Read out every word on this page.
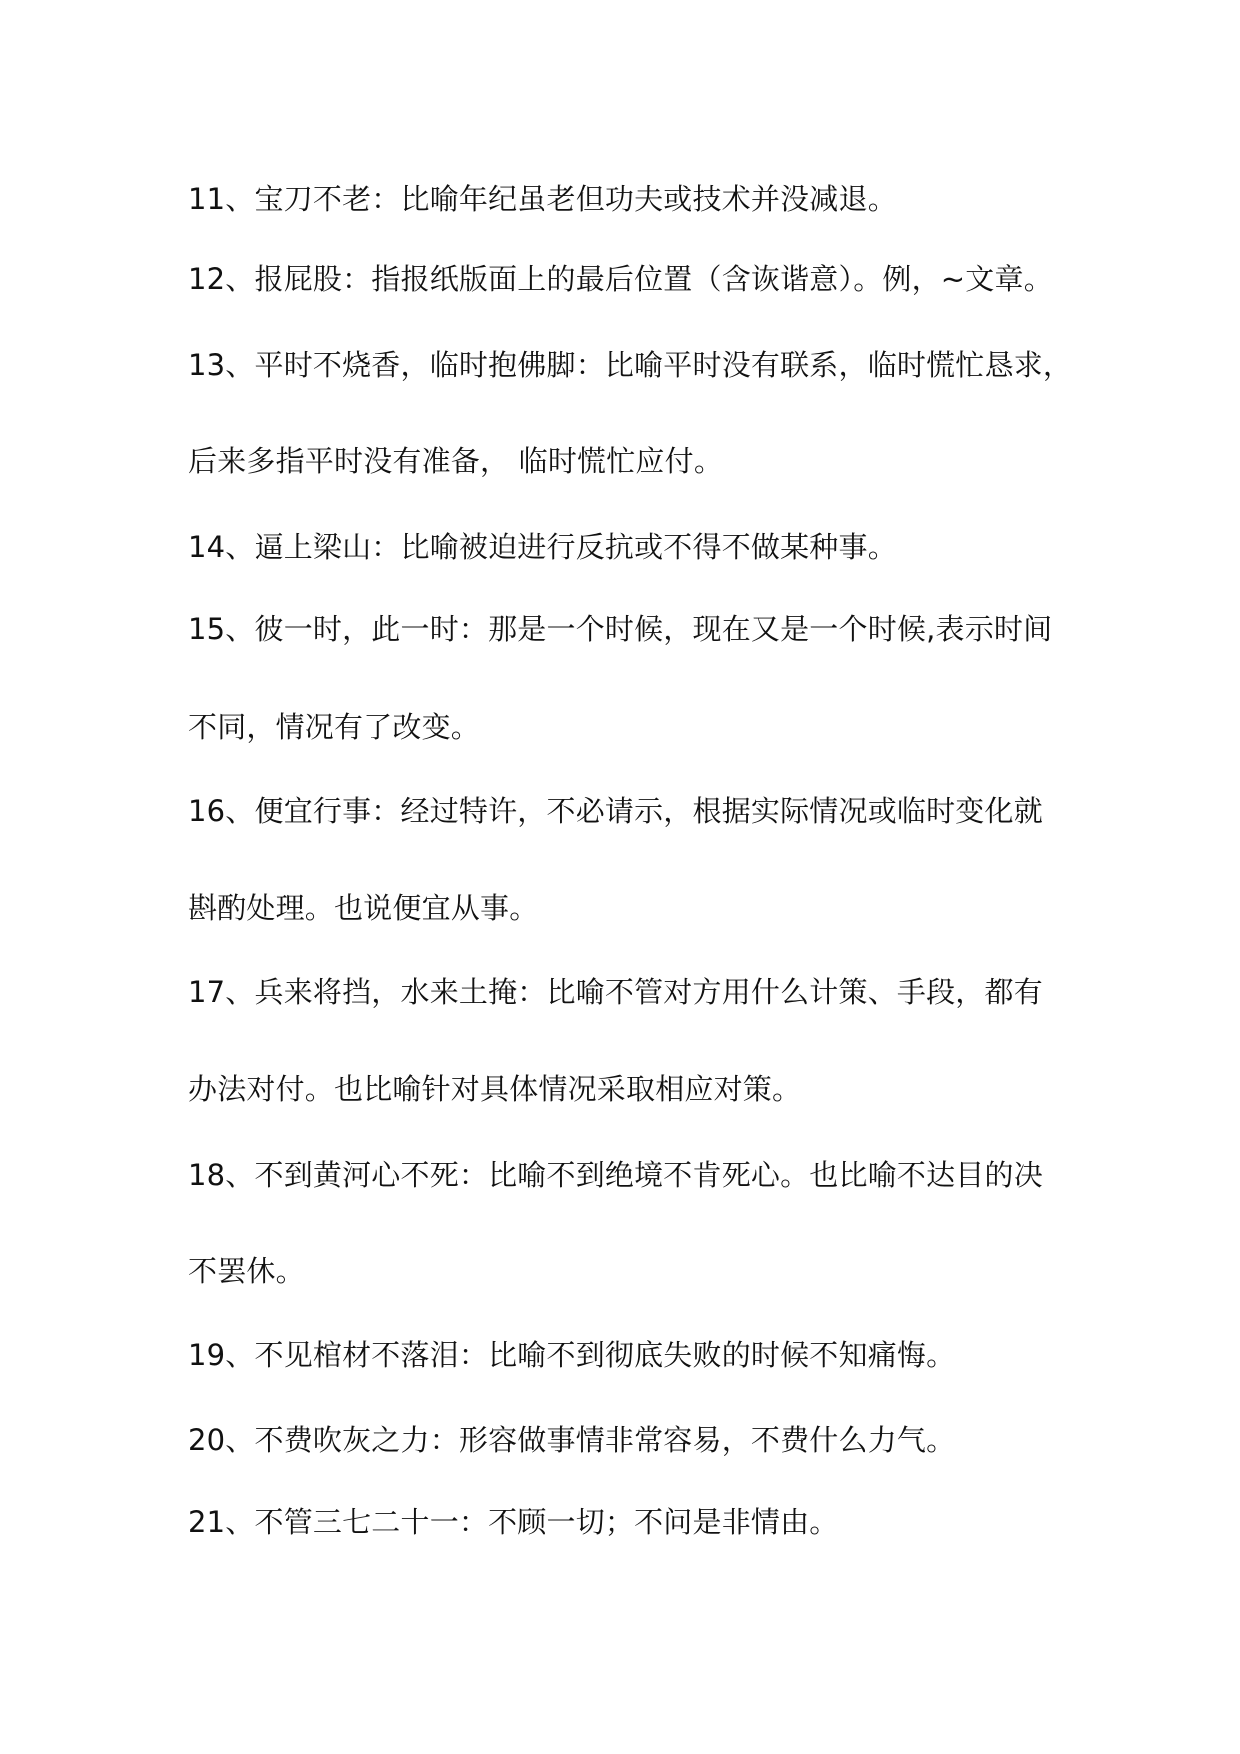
11、宝刀不老：比喻年纪虽老但功夫或技术并没减退。
12、报屁股：指报纸版面上的最后位置（含诙谐意）。例，~文章。
13、平时不烧香，临时抱佛脚：比喻平时没有联系，临时慌忙恳求，
后来多指平时没有准备， 临时慌忙应付。
14、逼上梁山：比喻被迫进行反抗或不得不做某种事。
15、彼一时，此一时：那是一个时候，现在又是一个时候,表示时间
不同，情况有了改变。
16、便宜行事：经过特许，不必请示，根据实际情况或临时变化就
斟酌处理。也说便宜从事。
17、兵来将挡，水来土掩：比喻不管对方用什么计策、手段，都有
办法对付。也比喻针对具体情况采取相应对策。
18、不到黄河心不死：比喻不到绝境不肯死心。也比喻不达目的决
不罢休。
19、不见棺材不落泪：比喻不到彻底失败的时候不知痛悔。
20、不费吹灰之力：形容做事情非常容易，不费什么力气。
21、不管三七二十一：不顾一切；不问是非情由。
